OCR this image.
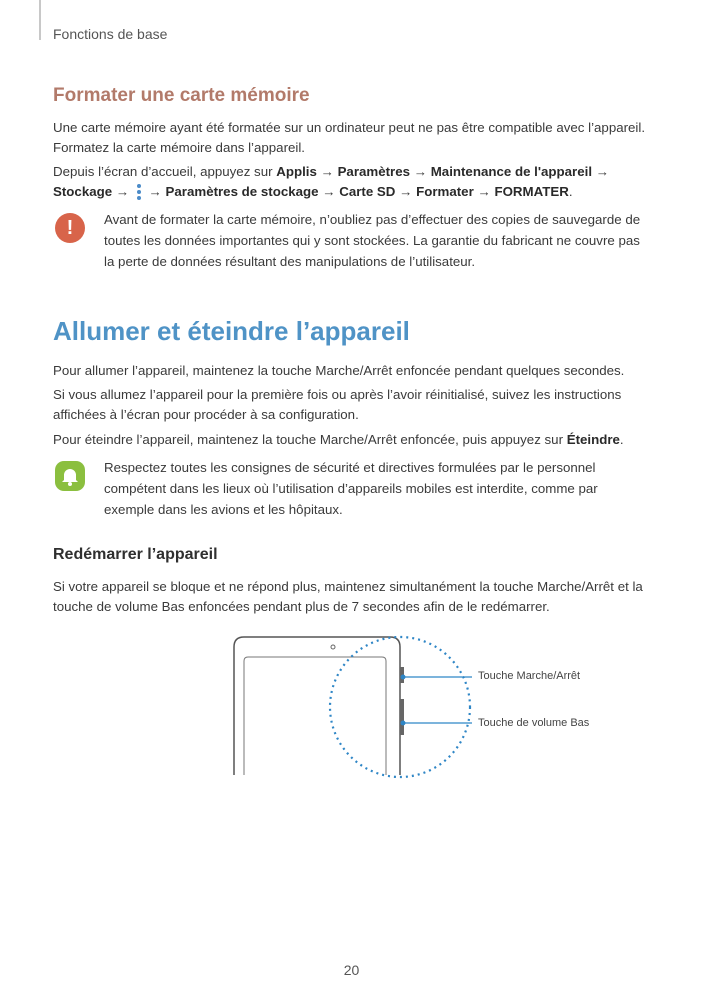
Fonctions de base
Formater une carte mémoire
Une carte mémoire ayant été formatée sur un ordinateur peut ne pas être compatible avec l’appareil.
Formatez la carte mémoire dans l’appareil.
Depuis l’écran d’accueil, appuyez sur Applis → Paramètres → Maintenance de l'appareil →
Stockage → → Paramètres de stockage → Carte SD → Formater → FORMATER.
!	Avant de formater la carte mémoire, n’oubliez pas d’effectuer des copies de sauvegarde de
toutes les données importantes qui y sont stockées. La garantie du fabricant ne couvre pas
la perte de données résultant des manipulations de l’utilisateur.
Allumer et éteindre l’appareil
Pour allumer l’appareil, maintenez la touche Marche/Arrêt enfoncée pendant quelques secondes.
Si vous allumez l’appareil pour la première fois ou après l’avoir réinitialisé, suivez les instructions
affichées à l’écran pour procéder à sa configuration.
Pour éteindre l’appareil, maintenez la touche Marche/Arrêt enfoncée, puis appuyez sur Éteindre.
Respectez toutes les consignes de sécurité et directives formulées par le personnel
compétent dans les lieux où l’utilisation d’appareils mobiles est interdite, comme par
exemple dans les avions et les hôpitaux.
Redémarrer l’appareil
Si votre appareil se bloque et ne répond plus, maintenez simultanément la touche Marche/Arrêt et la
touche de volume Bas enfoncées pendant plus de 7 secondes afin de le redémarrer.
Touche Marche/Arrêt
Touche de volume Bas
20
